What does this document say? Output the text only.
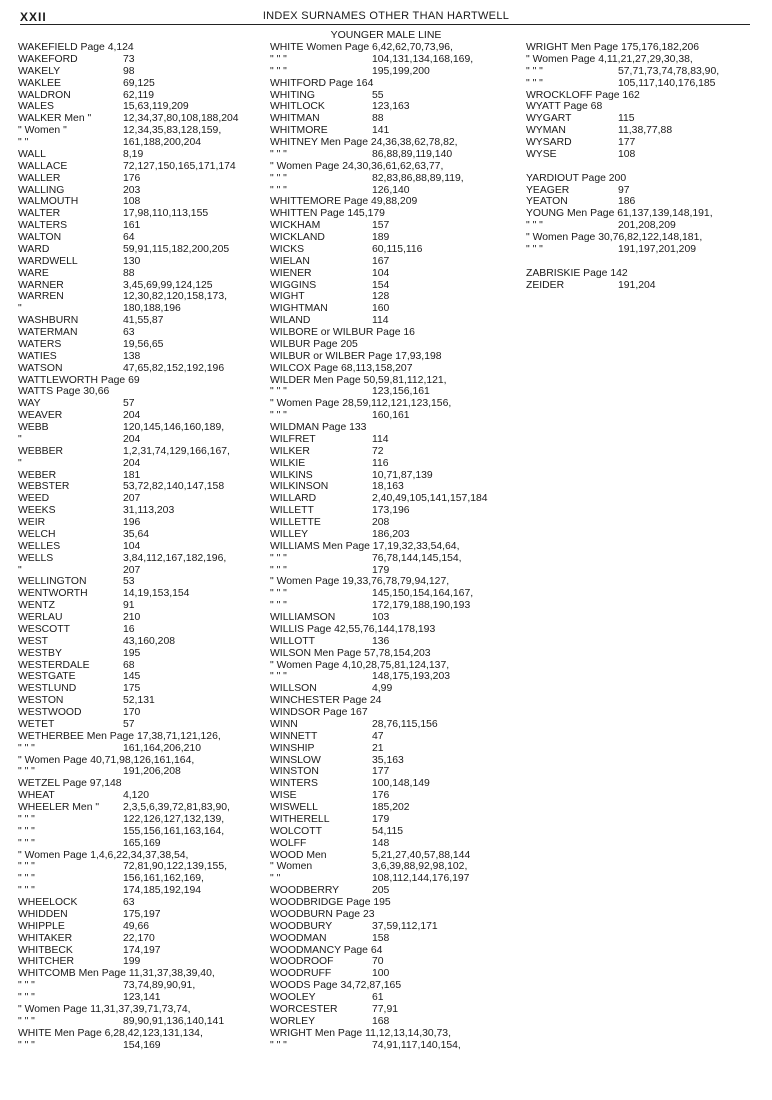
XXII	INDEX SURNAMES OTHER THAN HARTWELL
YOUNGER MALE LINE
WAKEFIELD Page 4,124
WAKEFORD	73
WAKELY	98
WAKLEE	69,125
WALDRON	62,119
WALES	15,63,119,209
WALKER Men "	12,34,37,80,108,188,204
" Women "	12,34,35,83,128,159,
" "	161,188,200,204
WALL	8,19
WALLACE	72,127,150,165,171,174
WALLER	176
WALLING	203
WALMOUTH	108
WALTER	17,98,110,113,155
WALTERS	161
WALTON	64
WARD	59,91,115,182,200,205
WARDWELL	130
WARE	88
WARNER	3,45,69,99,124,125
WARREN	12,30,82,120,158,173,
"	180,188,196
WASHBURN	41,55,87
WATERMAN	63
WATERS	19,56,65
WATIES	138
WATSON	47,65,82,152,192,196
WATTLEWORTH Page 69
WATTS Page 30,66
WAY	57
WEAVER	204
WEBB	120,145,146,160,189,
"	204
WEBBER	1,2,31,74,129,166,167,
"	204
WEBER	181
WEBSTER	53,72,82,140,147,158
WEED	207
WEEKS	31,113,203
WEIR	196
WELCH	35,64
WELLES	104
WELLS	3,84,112,167,182,196,
"	207
WELLINGTON	53
WENTWORTH	14,19,153,154
WENTZ	91
WERLAU	210
WESCOTT	16
WEST	43,160,208
WESTBY	195
WESTERDALE	68
WESTGATE	145
WESTLUND	175
WESTON	52,131
WESTWOOD	170
WETET	57
WETHERBEE Men Page 17,38,71,121,126,
" " "	161,164,206,210
" Women Page 40,71,98,126,161,164,
" " "	191,206,208
WETZEL Page 97,148
WHEAT	4,120
WHEELER Men " 2,3,5,6,39,72,81,83,90,
" " "	122,126,127,132,139,
" " "	155,156,161,163,164,
" " "	165,169
" Women Page 1,4,6,22,34,37,38,54,
" " "	72,81,90,122,139,155,
" " "	156,161,162,169,
" " "	174,185,192,194
WHEELOCK	63
WHIDDEN	175,197
WHIPPLE	49,66
WHITAKER	22,170
WHITBECK	174,197
WHITCHER	199
WHITCOMB Men Page 11,31,37,38,39,40,
" " "	73,74,89,90,91,
" " "	123,141
" Women Page 11,31,37,39,71,73,74,
" " "	89,90,91,136,140,141
WHITE Men Page 6,28,42,123,131,134,
" " "	154,169
WHITE Women Page 6,42,62,70,73,96,
" " "	104,131,134,168,169,
" " "	195,199,200
WHITFORD Page 164
WHITING	55
WHITLOCK	123,163
WHITMAN	88
WHITMORE	141
WHITNEY Men Page 24,36,38,62,78,82,
" " "	86,88,89,119,140
" Women Page 24,30,36,61,62,63,77,
" " "	82,83,86,88,89,119,
" " "	126,140
WHITTEMORE Page 49,88,209
WHITTEN Page 145,179
WICKHAM	157
WICKLAND	189
WICKS	60,115,116
WIELAN	167
WIENER	104
WIGGINS	154
WIGHT	128
WIGHTMAN	160
WILAND	114
WILBORE or WILBUR Page 16
WILBUR Page 205
WILBUR or WILBER Page 17,93,198
WILCOX Page 68,113,158,207
WILDER Men Page 50,59,81,112,121,
" " "	123,156,161
" Women Page 28,59,112,121,123,156,
" " "	160,161
WILDMAN Page 133
WILFRET	114
WILKER	72
WILKIE	116
WILKINS	10,71,87,139
WILKINSON	18,163
WILLARD	2,40,49,105,141,157,184
WILLETT	173,196
WILLETTE	208
WILLEY	186,203
WILLIAMS Men Page 17,19,32,33,54,64,
" " "	76,78,144,145,154,
" " "	179
" Women Page 19,33,76,78,79,94,127,
" " "	145,150,154,164,167,
" " "	172,179,188,190,193
WILLIAMSON	103
WILLIS Page 42,55,76,144,178,193
WILLOTT	136
WILSON Men Page 57,78,154,203
" Women Page 4,10,28,75,81,124,137,
" " "	148,175,193,203
WILLSON	4,99
WINCHESTER Page 24
WINDSOR Page 167
WINN	28,76,115,156
WINNETT	47
WINSHIP	21
WINSLOW	35,163
WINSTON	177
WINTERS	100,148,149
WISE	176
WISWELL	185,202
WITHERELL	179
WOLCOTT	54,115
WOLFF	148
WOOD Men	5,21,27,40,57,88,144
" Women	3,6,39,88,92,98,102,
" "	108,112,144,176,197
WOODBERRY	205
WOODBRIDGE Page 195
WOODBURN Page 23
WOODBURY	37,59,112,171
WOODMAN	158
WOODMANCY Page 64
WOODROOF	70
WOODRUFF	100
WOODS Page 34,72,87,165
WOOLEY	61
WORCESTER	77,91
WORLEY	168
WRIGHT Men Page 11,12,13,14,30,73,
" " "	74,91,117,140,154,
WRIGHT Men Page 175,176,182,206
" Women Page 4,11,21,27,29,30,38,
" " "	57,71,73,74,78,83,90,
" " "	105,117,140,176,185
WROCKLOFF Page 162
WYATT Page 68
WYGART	115
WYMAN	11,38,77,88
WYSARD	177
WYSE	108
YARDIOUT Page 200
YEAGER	97
YEATON	186
YOUNG Men Page 61,137,139,148,191,
" " "	201,208,209
" Women Page 30,76,82,122,148,181,
" " "	191,197,201,209
ZABRISKIE Page 142
ZEIDER	191,204
